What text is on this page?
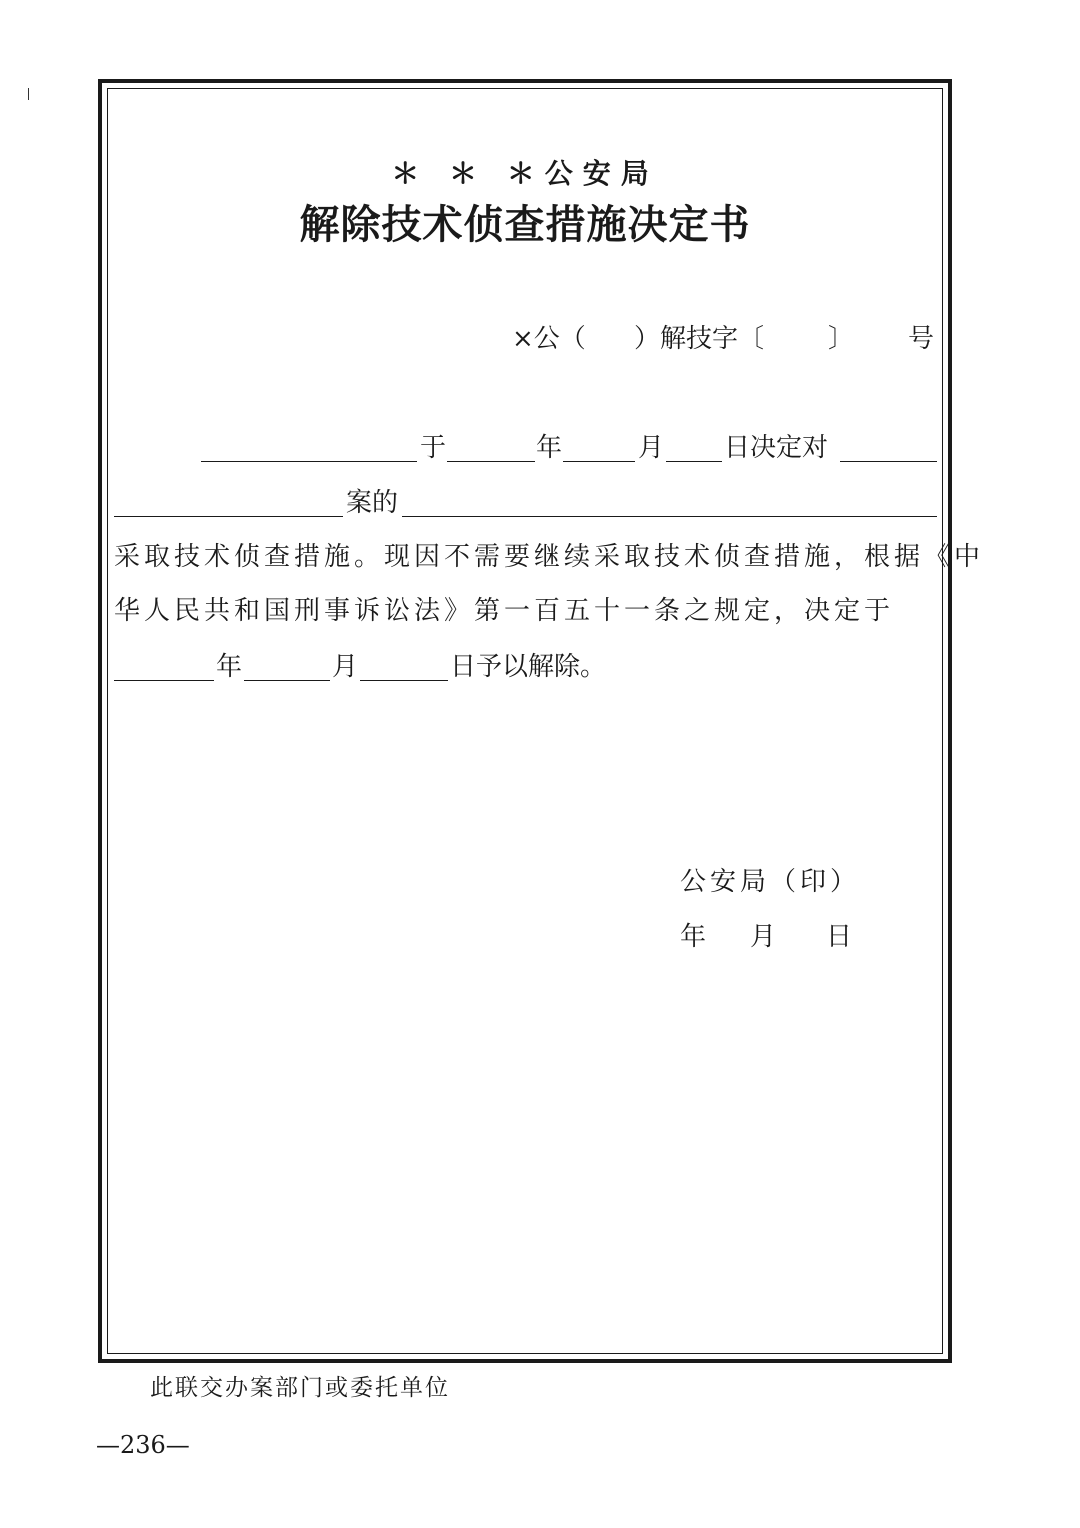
＊ ＊ ＊公安局
解除技术侦查措施决定书
×公（ ）解技字〔 〕 号
于	年	月 日决定对
案的
采取技术侦查措施。现因不需要继续采取技术侦查措施，根据《中
华人民共和国刑事诉讼法》第一百五十一条之规定，决定于
年	月	日予以解除。
公安局（印）
年 月 日
此联交办案部门或委托单位
—236—
